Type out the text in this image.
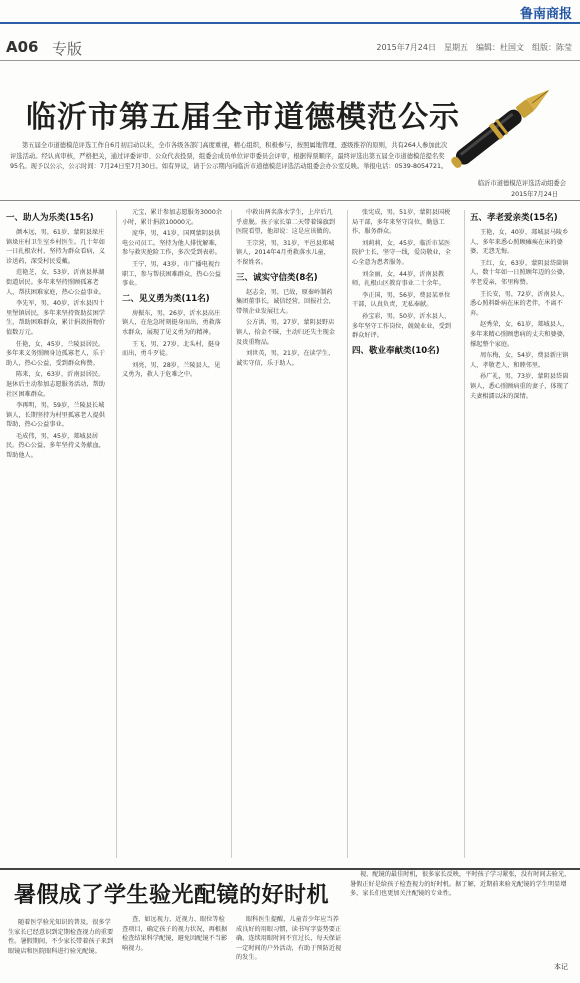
鲁南商报
A06 专版	2015年7月24日　星期五　编辑：杜国文　组版：陈莹
临沂市第五届全市道德模范公示

第五届全市道德模范评选工作自6月初启动以来，全市各级各部门高度重视，精心组织，积极参与，按照属地管理、逐级推荐的原则，共有264人参加此次评选活动。经认真审核，严格把关，通过评委评审、公众代表投票，组委会成员单位评审委员会评审，根据得票顺序，最终评选出第五届全市道德模范提名奖95名。现予以公示，公示时间：7月24日至7月30日。如有异议，请于公示期内向临沂市道德模范评选活动组委会办公室反映。举报电话：0539-8054721。

临沂市道德模范评选活动组委会
2015年7月24日
一、助人为乐类(15名)

颜本远，男，61岁，蒙阴县垛庄镇垛庄村卫生室乡村医生。几十年如一日扎根农村，坚持为群众看病，义诊送药，深受村民爱戴。

范艳芝，女，53岁，沂南县界湖街道居民。多年来坚持照顾孤寡老人，帮扶困难家庭，热心公益事业。

李先军，男，40岁，沂水县四十里堡镇居民，多年来坚持资助贫困学生，帮助困难群众，累计捐款捐物价值数万元。

任艳，女，45岁，兰陵县居民。多年来义务照顾身边孤寡老人，乐于助人，热心公益，受到群众称赞。

陈来，女，63岁，沂南县居民。退休后主动参加志愿服务活动，帮助社区困难群众。

李再明，男，59岁，兰陵县长城镇人，长期坚持为村里孤寡老人提供帮助，热心公益事业。

毛成伟，男，45岁，郯城县居民。热心公益，多年坚持义务献血，帮助他人。

元宝，累计参加志愿服务3000余小时，累计捐款10000元。

庞华，男，41岁，国网蒙阴县供电公司员工。坚持为他人排忧解难，参与救灾抢险工作，多次受到表彰。

王宁，男，43岁，市广播电视台职工，参与帮扶困难群众，热心公益事业。

二、见义勇为类(11名)

房振东，男，26岁，沂水县高庄镇人，在危急时刻挺身而出，勇救落水群众，展现了见义勇为的精神。

王飞，男，27岁，北头村，挺身而出，勇斗歹徒。

刘亮，男，28岁，兰陵县人，见义勇为，救人于危难之中。

中救出两名落水学生，上岸后几乎虚脱。孩子家长第二天带着锦旗到医院看望，他却说：这是应该做的。

王宗营，男，31岁，平邑县郑城镇人，2014年4月勇救落水儿童，不留姓名。

三、诚实守信类(8名)

赵志金，男，已故，原秦岭制药集团董事长，诚信经营，回报社会，带领企业发展壮大。

公方洪，男，27岁，蒙阴县野店镇人，拾金不昧，主动归还失主现金及贵重物品。

刘世英，男，21岁，在读学生，诚实守信，乐于助人。

张宪成，男，51岁，蒙阴县国税局干部，多年来坚守岗位，勤恳工作，服务群众。

刘莉莉，女，45岁，临沂市某医院护士长，坚守一线，爱岗敬业，全心全意为患者服务。

刘金丽，女，44岁，沂南县教师，扎根山区教育事业二十余年。

李正国，男，56岁，费县某单位干部，认真负责，无私奉献。

孙宝彩，男，50岁，沂水县人，多年坚守工作岗位，兢兢业业，受到群众好评。

四、敬业奉献类(10名)
五、孝老爱亲类(15名)

王艳，女，40岁，郯城县马陵乡人，多年来悉心照顾瘫痪在床的婆婆，无怨无悔。

王红，女，63岁，蒙阴县岱崮镇人，数十年如一日照顾年迈的公婆，孝老爱亲，邻里称赞。

王长安，男，72岁，沂南县人，悉心照料卧病在床的老伴，不离不弃。

赵秀荣，女，61岁，郯城县人，多年来精心照顾患病的丈夫和婆婆，撑起整个家庭。

周东梅，女，54岁，费县新庄镇人，孝敬老人，和睦邻里。

孙广礼，男，73岁，蒙阴县岱崮镇人，悉心照顾病重的妻子，体现了夫妻相濡以沫的深情。

暑假成了学生验光配镜的好时机

随着医学验光知识的普及，很多学生家长已经意识到定期检查视力的重要性。暑假期间，不少家长带着孩子来到眼镜店和医院眼科进行验光配镜。

查、如远视力、近视力、眼位等检查项目，确定孩子的视力状况，再根据检查结果科学配镜，避免因配镜不当影响视力。

眼科医生提醒，儿童青少年应当养成良好的用眼习惯，读书写字姿势要正确，连续用眼时间不宜过长，每天保证一定时间的户外活动，有助于预防近视的发生。

视、配镜的最佳时机，很多家长反映，平时孩子学习紧张，没有时间去验光，暑假正好是给孩子检查视力的好时机。据了解，近期前来验光配镜的学生明显增多，家长们也更加关注配镜的专业性。

本记
